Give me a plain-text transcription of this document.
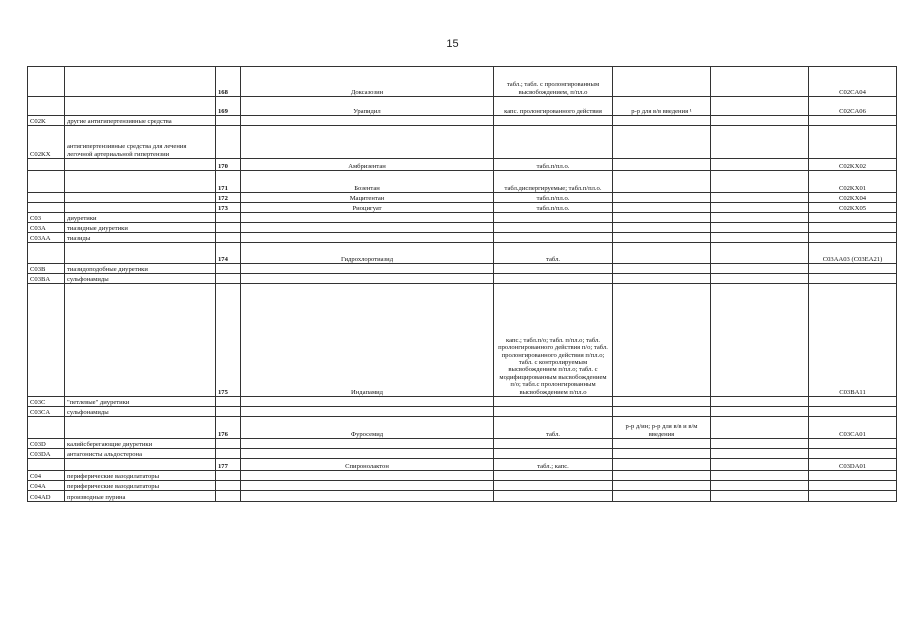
15
		168	Доксазозин	табл.; табл. с пролонгированным высвобождением, п/пл.о			C02CA04
		169	Урапидил	капс. пролонгированного действия	р-р для в/в введения ¹		C02CA06
C02K	другие антигипертензивные средства						
C02KX	антигипертензивные средства для лечения легочной артериальной гипертензии						
		170	Амбризентан	табл.п/пл.о.			C02KX02
		171	Бозентан	табл.диспергируемые; табл.п/пл.о.			C02KX01
		172	Мацитентан	табл.п/пл.о.			C02KX04
		173	Риоцигуат	табл.п/пл.о.			C02KX05
C03	диуретики						
C03A	тиазидные диуретики						
C03AA	тиазиды						
		174	Гидрохлоротиазид	табл.			C03AA03 (C03EA21)
C03B	тиазидоподобные диуретики						
C03BA	сульфонамиды						
		175	Индапамид	капс.; табл.п/о; табл. п/пл.о; табл. пролонгированного действия п/о; табл. пролонгированного действия п/пл.о; табл. с контролируемым высвобождением п/пл.о; табл. с модифицированным высвобождением п/о; табл.с пролонгированным высвобождением п/пл.о			C03BA11
C03C	"петлевые" диуретики						
C03CA	сульфонамиды						
		176	Фуросемид	табл.	р-р д/ин; р-р для в/в и в/м введения		C03CA01
C03D	калийсберегающие диуретики						
C03DA	антагонисты альдостерона						
		177	Спиронолактон	табл.; капс.			C03DA01
C04	периферические вазодилататоры						
C04A	периферические вазодилататоры						
C04AD	производные пурина						
